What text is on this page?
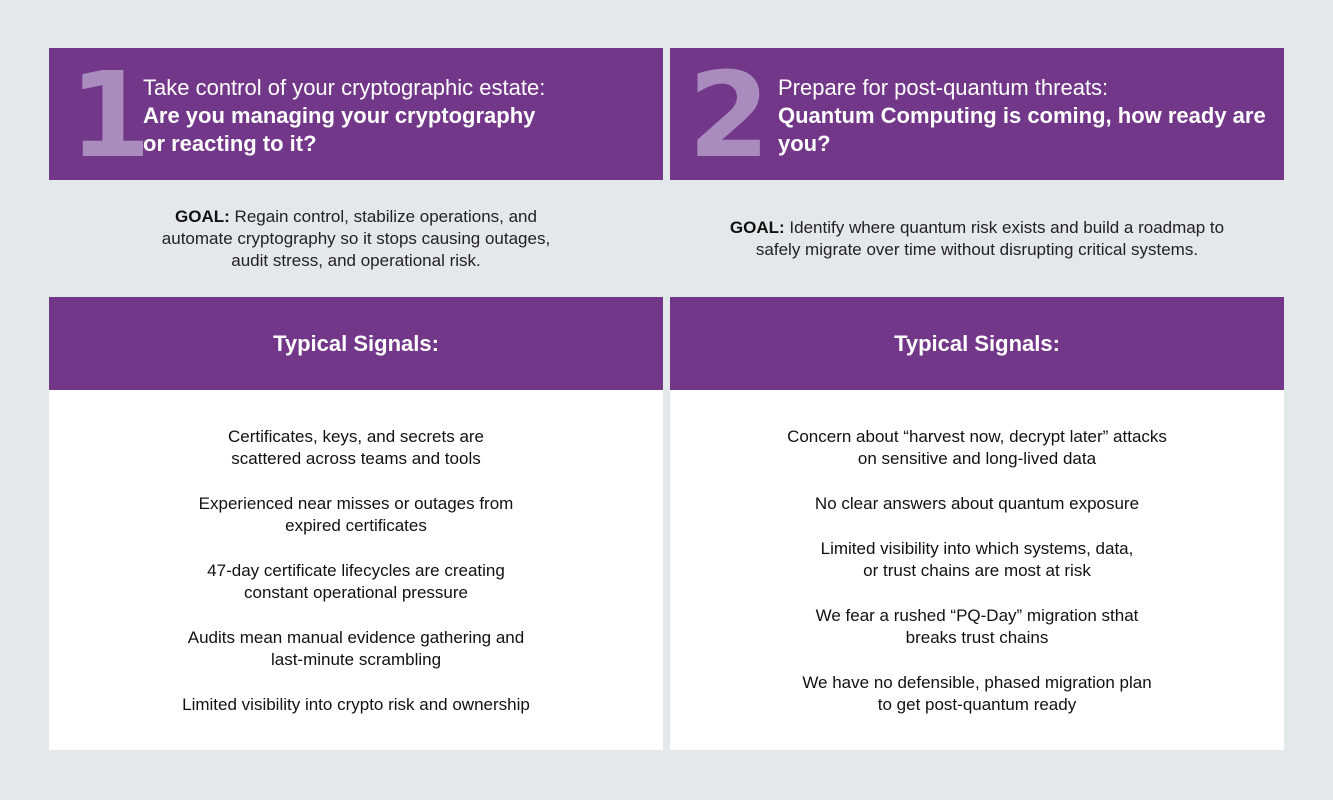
1
Take control of your cryptographic estate:
Are you managing your cryptography or reacting to it?
GOAL: Regain control, stabilize operations, and automate cryptography so it stops causing outages, audit stress, and operational risk.
Typical Signals:
Certificates, keys, and secrets are scattered across teams and tools
Experienced near misses or outages from expired certificates
47-day certificate lifecycles are creating constant operational pressure
Audits mean manual evidence gathering and last-minute scrambling
Limited visibility into crypto risk and ownership
2 Prepare for post-quantum threats:
Quantum Computing is coming, how ready are you?
GOAL: Identify where quantum risk exists and build a roadmap to safely migrate over time without disrupting critical systems.
Typical Signals:
Concern about “harvest now, decrypt later” attacks on sensitive and long-lived data
No clear answers about quantum exposure
Limited visibility into which systems, data, or trust chains are most at risk
We fear a rushed “PQ-Day” migration sthat breaks trust chains
We have no defensible, phased migration plan to get post-quantum ready
